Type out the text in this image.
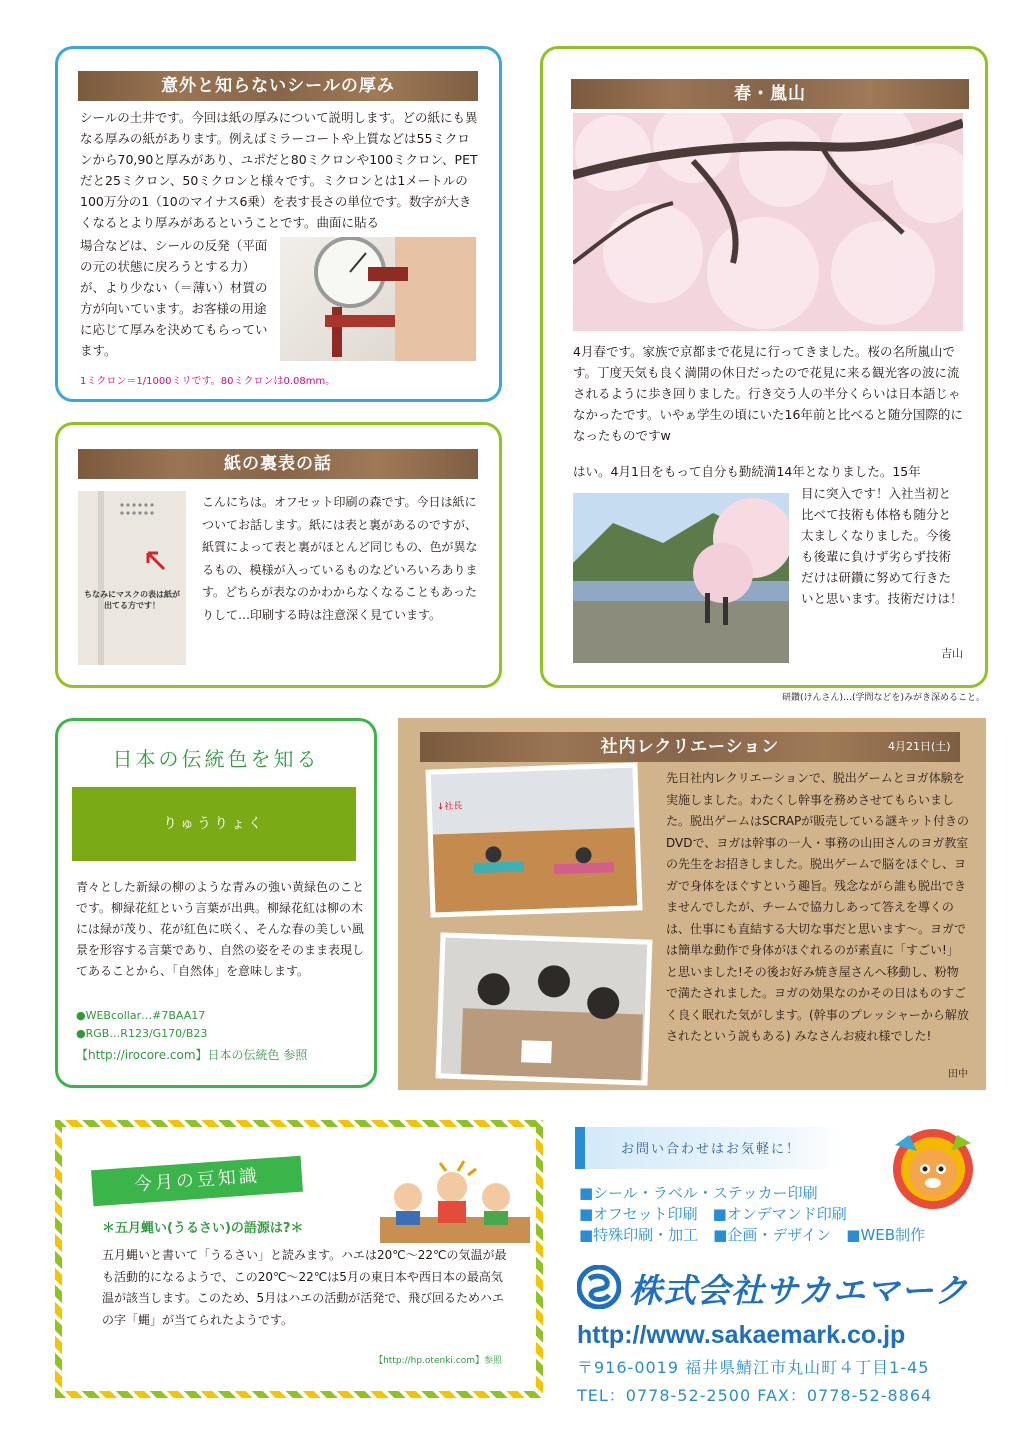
意外と知らないシールの厚み

シールの土井です。今回は紙の厚みについて説明します。どの紙にも異なる厚みの紙があります。例えばミラーコートや上質などは55ミクロンから70,90と厚みがあり、ユポだと80ミクロンや100ミクロン、PETだと25ミクロン、50ミクロンと様々です。ミクロンとは1メートルの100万分の1（10のマイナス6乗）を表す長さの単位です。数字が大きくなるとより厚みがあるということです。曲面に貼る

場合などは、シールの反発（平面の元の状態に戻ろうとする力）が、より少ない（＝薄い）材質の方が向いています。お客様の用途に応じて厚みを決めてもらっています。

1ミクロン＝1/1000ミリです。80ミクロンは0.08mm。

紙の裏表の話
ちなみにマスクの表は紙が出てる方です！

こんにちは。オフセット印刷の森です。今日は紙についてお話します。紙には表と裏があるのですが、紙質によって表と裏がほとんど同じもの、色が異なるもの、模様が入っているものなどいろいろあります。どちらが表なのかわからなくなることもあったりして…印刷する時は注意深く見ています。

春・嵐山

4月春です。家族で京都まで花見に行ってきました。桜の名所嵐山です。丁度天気も良く満開の休日だったので花見に来る観光客の波に流されるように歩き回りました。行き交う人の半分くらいは日本語じゃなかったです。いやぁ学生の頃にいた16年前と比べると随分国際的になったものですw

はい。4月1日をもって自分も勤続満14年となりました。15年

目に突入です！入社当初と比べて技術も体格も随分と太ましくなりました。今後も後輩に負けず劣らず技術だけは研鑽に努めて行きたいと思います。技術だけは！

吉山
研鑽(けんさん)…(学問などを)みがき深めること。
日本の伝統色を知る
りゅうりょく

青々とした新緑の柳のような青みの強い黄緑色のことです。柳緑花紅という言葉が出典。柳緑花紅は柳の木には緑が茂り、花が紅色に咲く、そんな春の美しい風景を形容する言葉であり、自然の姿をそのまま表現してあることから、「自然体」を意味します。

●WEBcollar…#7BAA17
●RGB…R123/G170/B23
【http://irocore.com】日本の伝統色 参照
社内レクリエーション	4月21日(土)
↓社長

先日社内レクリエーションで、脱出ゲームとヨガ体験を実施しました。わたくし幹事を務めさせてもらいました。脱出ゲームはSCRAPが販売している謎キット付きのDVDで、ヨガは幹事の一人・事務の山田さんのヨガ教室の先生をお招きしました。脱出ゲームで脳をほぐし、ヨガで身体をほぐすという趣旨。残念ながら誰も脱出できませんでしたが、チームで協力しあって答えを導くのは、仕事にも直結する大切な事だと思います～。ヨガでは簡単な動作で身体がほぐれるのが素直に「すごい!」と思いました!その後お好み焼き屋さんへ移動し、粉物で満たされました。ヨガの効果なのかその日はものすごく良く眠れた気がします。(幹事のプレッシャーから解放されたという説もある) みなさんお疲れ様でした!

田中
今月の豆知識
＊五月蝿い(うるさい)の語源は?＊

五月蝿いと書いて「うるさい」と読みます。ハエは20℃～22℃の気温が最も活動的になるようで、この20℃～22℃は5月の東日本や西日本の最高気温が該当します。このため、5月はハエの活動が活発で、飛び回るためハエの字「蝿」が当てられたようです。

【http://hp.otenki.com】参照
お問い合わせはお気軽に！
■シール・ラベル・ステッカー印刷
■オフセット印刷　■オンデマンド印刷
■特殊印刷・加工　■企画・デザイン　■WEB制作
株式会社サカエマーク
http://www.sakaemark.co.jp
〒916-0019 福井県鯖江市丸山町４丁目1-45
TEL：0778-52-2500 FAX：0778-52-8864
